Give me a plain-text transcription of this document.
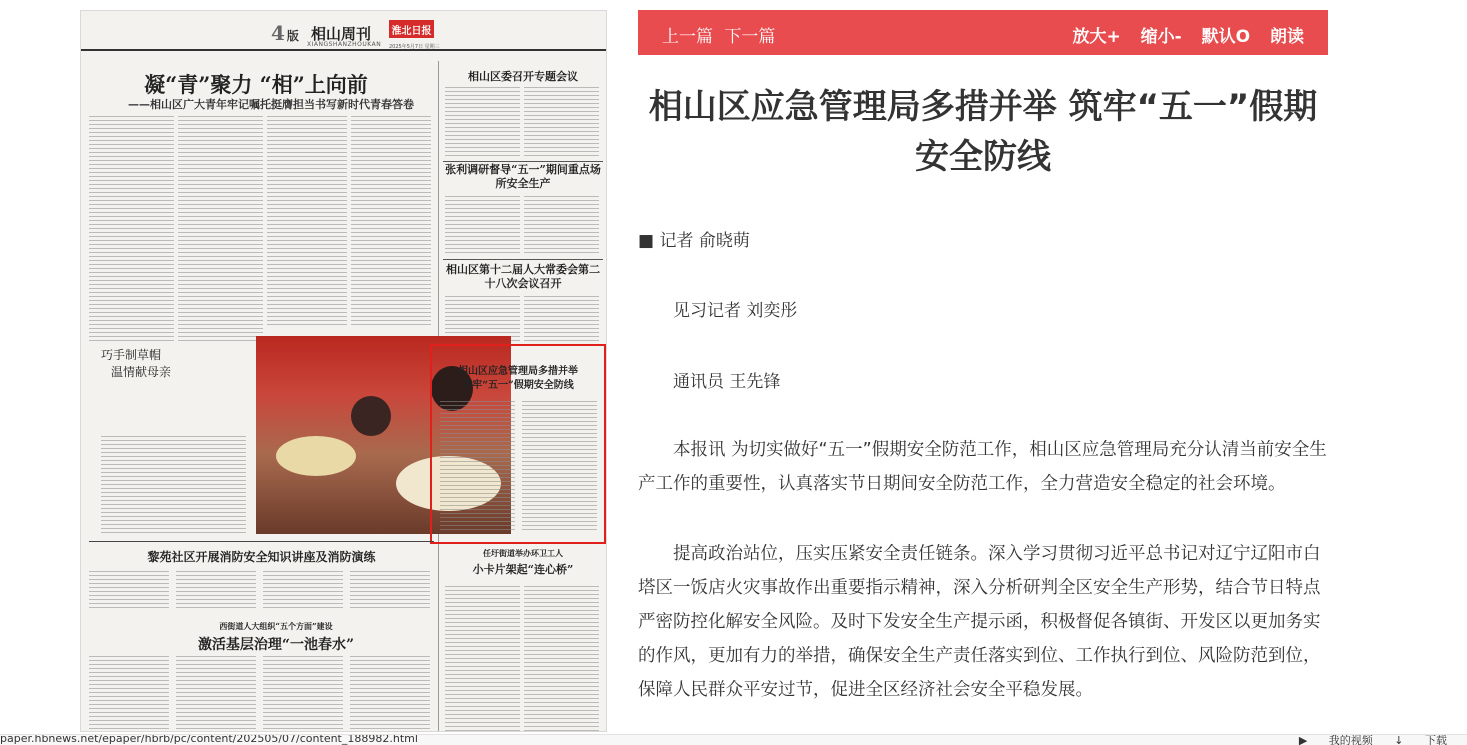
4 版 相山周刊
XIANGSHANZHOUKAN
淮北日报
2025年5月7日 星期三
凝“青”聚力 “相”上向前
——相山区广大青年牢记嘱托挺膺担当书写新时代青春答卷
相山区委召开专题会议
张利调研督导“五一”期间重点场所安全生产
相山区第十二届人大常委会第二十八次会议召开
巧手制草帽
温情献母亲	相山区应急管理局多措并举
筑牢“五一”假期安全防线
黎苑社区开展消防安全知识讲座及消防演练
西街道人大组织“五个方面”建设
激活基层治理“一池春水”
任圩街道举办环卫工人
小卡片架起“连心桥”
上一篇 下一篇	放大+ 缩小- 默认O 朗读
相山区应急管理局多措并举 筑牢“五一”假期安全防线
■ 记者 俞晓萌
见习记者 刘奕彤
通讯员 王先锋
本报讯 为切实做好“五一”假期安全防范工作，相山区应急管理局充分认清当前安全生产工作的重要性，认真落实节日期间安全防范工作，全力营造安全稳定的社会环境。
提高政治站位，压实压紧安全责任链条。深入学习贯彻习近平总书记对辽宁辽阳市白塔区一饭店火灾事故作出重要指示精神，深入分析研判全区安全生产形势，结合节日特点严密防控化解安全风险。及时下发安全生产提示函，积极督促各镇街、开发区以更加务实的作风，更加有力的举措，确保安全生产责任落实到位、工作执行到位、风险防范到位，保障人民群众平安过节，促进全区经济社会安全平稳发展。
paper.hbnews.net/epaper/hbrb/pc/content/202505/07/content_188982.html	▶ 我的视频 ↓ 下载
